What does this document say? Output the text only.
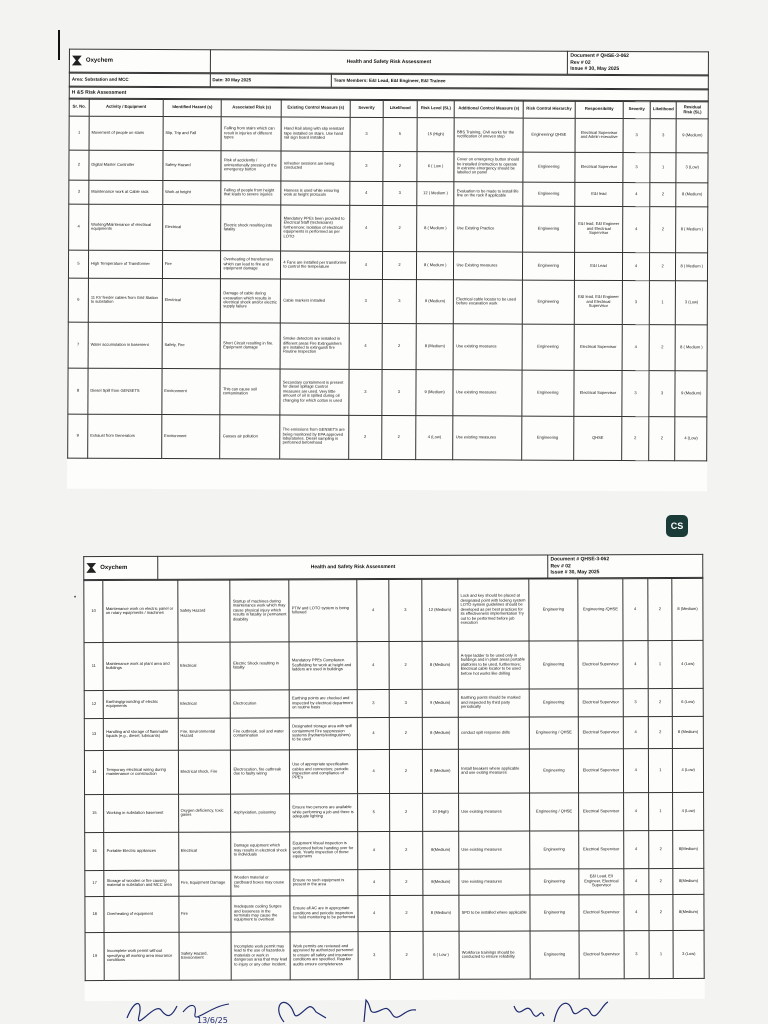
Oxychem	Health and Safety Risk Assessment	
Document # QHSE-3-062
Rev # 02
Issue # 30, May 2025
Area: Substation and MCC	Date: 30 May 2025	Team Members: E&I Lead, E&I Engineer, E&I Trainee
H &S Risk Assessment
Sr. No.	Activity / Equipment	Identified Hazard (s)	Associated Risk (s)	Existing Control Measure (s)	Severity	Likelihood	Risk Level (SL)	Additional Control Measure (s)	Risk Control Hierarchy	Responsibility	Severity	Likelihood	Residual Risk (SL)
1	Movement of people on stairs	Slip, Trip and Fall	Falling from stairs which can result in injuries of different types	Hand Rail along with slip resistant tape installed on stairs. Use hand rail sign board installed	3	5	15 (High)	BBS Training, Civil works for the rectification of uneven step	Engineering/ QHSE	Electrical Supervisor and Admin executive	3	3	9 (Medium)
2	Digital Master Controller	Safety Hazard	Risk of accidently / unintentionally pressing of the emergency button	refresher sessions are being conducted	3	2	6 ( Low )	Cover on emergency button should be installed (instruction to operate in extreme emergency should be labelled on panel	Engineering	Electrical Supervisor	3	1	3 (Low)
3	Maintenance work at Cable rack	Work at height	Falling of people from height that leads to severe injuries	Harness is used while ensuring work at height protocols	4	3	12 ( Medium )	Evaluation to be made to install life line on the rack if applicable	Engineering	E&I lead	4	2	8 (Medium)
4	Working/Maintenance of electrical equipments	Electrical	Electric shock resulting into fatality	Mandatory PPEs been provided to Electrical Staff (technicians) furthermore; isolation of electrical equipments is performed as per LOTO	4	2	8 ( Medium )	Use Existing Practice	Engineering	E&I lead, E&I Engineer and Electrical Supervisor	4	2	8 ( Medium )
5	High Temperature of Transformer	Fire	Overheating of transformers which can lead to fire and equipment damage	4 Fans are installed per transformer to control the temperature	4	2	8 ( Medium )	Use Existing measures	Engineering	E&I Lead	4	2	8 ( Medium )
6	11 KV feeder cables from Grid Station to substation	Electrical	Damage of cable during excavation which results in electrical shock and/or electric supply failure	Cable markers installed	3	3	9 (Medium)	Electrical cable locator to be used before excavation work	Engineering	E&I lead, E&I Engineer and Electrical Supervisor	3	1	3 (Low)
7	Water accumulation in basement	Safety, Fire	Short Circuit resulting in fire. Equipment damage	Smoke detectors are installed in different areas Fire Extinguishers are installed to extinguish fire Routine Inspection	4	2	8 (Medium)	Use existing measures	Engineering	Electrical Supervisor	4	2	8 ( Medium )
8	Diesel Spill from GENSETS	Environment	This can cause soil contamination	Secondary containment is present for diesel spillage Control measures are used. Very little amount of oil is spilled during oil changing for which cotton is used	3	3	9 (Medium)	Use existing measures	Engineering	Electrical Supervisor	3	3	9 (Medium)
9	Exhaust from Generators	Environment	Causes air pollution	The emissions from GENSETS are being monitored by EPA approved laboratories. Diesel sampling is performed beforehand	2	2	4 (Low)	Use existing measures	Engineering	QHSE	2	2	4 (Low)
CS
•
Oxychem	Health and Safety Risk Assessment	
Document # QHSE-3-062
Rev # 02
Issue # 30, May 2025
10	Maintenance work on electric panel or on rotary equipments / machines	Safety Hazard	Startup of machines during maintenance work which may cause physical injury which results in fatality or permanent disability	PTW and LOTO system is being followed	4	3	12 (Medium)	Lock and key should be placed at designated point with locking system LOTO system guidelines should be developed as per best practices for its effectiveness implementation Try out to be performed before job execution	Engineering	Engineering /QHSE	4	2	8 (Medium)
11	Maintenance work at plant area and buildings	Electrical	Electric Shock resulting in fatality	Mandatory PPEs Compliance. Scaffolding for work at height and ladders are used in buildings	4	2	8 (Medium)	A-type ladder to be used only in buildings and in plant areas portable platforms to be used, furthermore; Electrical cable locator to be used before hot works like drilling	Engineering	Electrical Supervisor	4	1	4 (Low)
12	Earthing/grounding of electric equipments	Electrical	Electrocution	Earthing points are checked and inspected by electrical department on routine basis	3	3	9 (Medium)	Earthing points should be marked and inspected by third party periodically	Engineering	Electrical Supervisor	3	2	6 (Low)
13	Handling and storage of flammable liquids (e.g., diesel, lubricants)	Fire, Environmental Hazard	Fire outbreak, soil and water contamination	Designated storage area with spill containment Fire suppression systems (hydrants/extinguishers) to be used	4	2	8 (Medium)	conduct spill response drills	Engineering / QHSE	Electrical Supervisor	4	2	8 (Medium)
14	Temporary electrical wiring during maintenance or construction	Electrical shock, Fire	Electrocution, fire outbreak due to faulty wiring	Use of appropriate specification cables and connectors; periodic inspection and compliance of PPE's	4	2	8 (Medium)	Install breakers where applicable and use exiting measures	Engineering	Electrical Supervisor	4	1	4 (Low)
15	Working in substation basement	Oxygen deficiency, toxic gases	Asphyxiation, poisoning	Ensure two persons are available while performing a job and there is adequate lighting	5	2	10 (High)	Use existing measures	Engineering / QHSE	Electrical Supervisor	4	1	4 (Low)
16	Portable Electric appliances	Electrical	Damage equipment which may results in electrical shock to individuals	Equipment Visual inspection is performed before handing over for work. Yearly inspection of those equipmens	4	2	8(Medium)	Use existing measures	Engineering	Electrical Supervisor	4	2	8(Medium)
17	Storage of wooden or fire causing material in substation and MCC area	Fire, Equipment Damage	Wooden material or cardboard boxes may cause fire	Ensure no such equipment is present in the area	4	2	8(Medium)	Use existing measures	Engineering	E&I Lead, E/I Engineer, Electrical Supervisor	4	2	8(Medium)
18	Overheating of equipment	Fire	Inadequate cooling Surges and looseness in the terminals may cause the equipment to overheat	Ensure all AC are in appropriate conditions and periodic inspection for hold monitoring to be performed	4	2	8 (Medium)	SPD to be installed where applicable	Engineering	Electrical Supervisor	4	2	8(Medium)
19	Incomplete work permit without specifying all working area insurance conditions	Safety Hazard, Environment	Incomplete work permit may lead to the use of hazardous materials or work in dangerous area that may lead to injury or any other incident.	Work permits are reviewed and approved by authorized personnel to ensure all safety and insurance conditions are specified. Regular audits ensure completeness	3	2	6 ( Low )	Workforce trainings should be conducted to ensure reliability.	Engineering	Electrical Supervisor	3	1	3 (Low)
13/6/25
